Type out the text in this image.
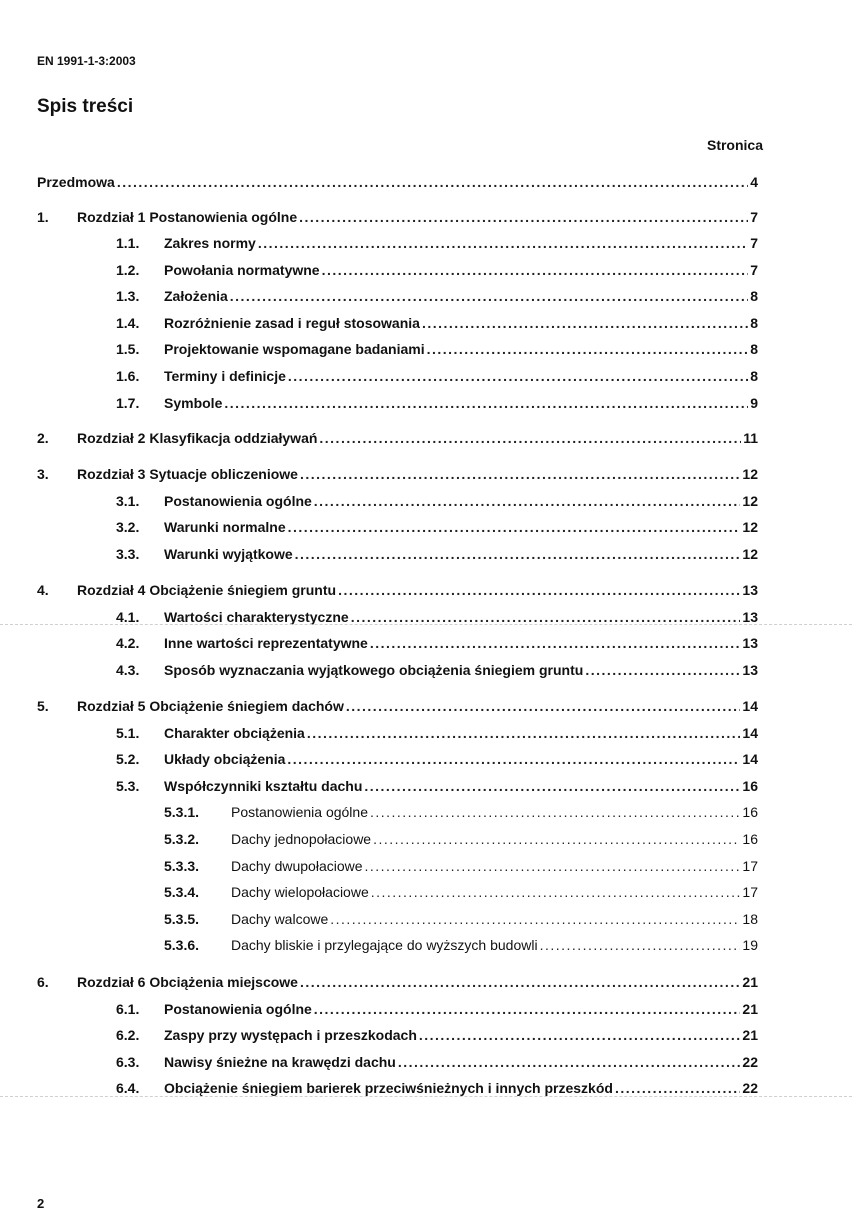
EN 1991-1-3:2003
Spis treści
Stronica
Przedmowa . . .	4
1.	Rozdział 1 Postanowienia ogólne . . .	7
1.1.	Zakres normy . . .	7
1.2.	Powołania normatywne . . .	7
1.3.	Założenia . . .	8
1.4.	Rozróżnienie zasad i reguł stosowania . . .	8
1.5.	Projektowanie wspomagane badaniami . . .	8
1.6.	Terminy i definicje . . .	8
1.7.	Symbole . . .	9
2.	Rozdział 2 Klasyfikacja oddziaływań . . .	11
3.	Rozdział 3 Sytuacje obliczeniowe . . .	12
3.1.	Postanowienia ogólne . . .	12
3.2.	Warunki normalne . . .	12
3.3.	Warunki wyjątkowe . . .	12
4.	Rozdział 4 Obciążenie śniegiem gruntu . . .	13
4.1.	Wartości charakterystyczne . . .	13
4.2.	Inne wartości reprezentatywne . . .	13
4.3.	Sposób wyznaczania wyjątkowego obciążenia śniegiem gruntu . . .	13
5.	Rozdział 5 Obciążenie śniegiem dachów . . .	14
5.1.	Charakter obciążenia . . .	14
5.2.	Układy obciążenia . . .	14
5.3.	Współczynniki kształtu dachu . . .	16
5.3.1.	Postanowienia ogólne . . .	16
5.3.2.	Dachy jednopołaciowe . . .	16
5.3.3.	Dachy dwupołaciowe . . .	17
5.3.4.	Dachy wielopołaciowe . . .	17
5.3.5.	Dachy walcowe . . .	18
5.3.6.	Dachy bliskie i przylegające do wyższych budowli . . .	19
6.	Rozdział 6 Obciążenia miejscowe . . .	21
6.1.	Postanowienia ogólne . . .	21
6.2.	Zaspy przy występach i przeszkodach . . .	21
6.3.	Nawisy śnieżne na krawędzi dachu . . .	22
6.4.	Obciążenie śniegiem barierek przeciwśnieżnych i innych przeszkód . . .	22
2
